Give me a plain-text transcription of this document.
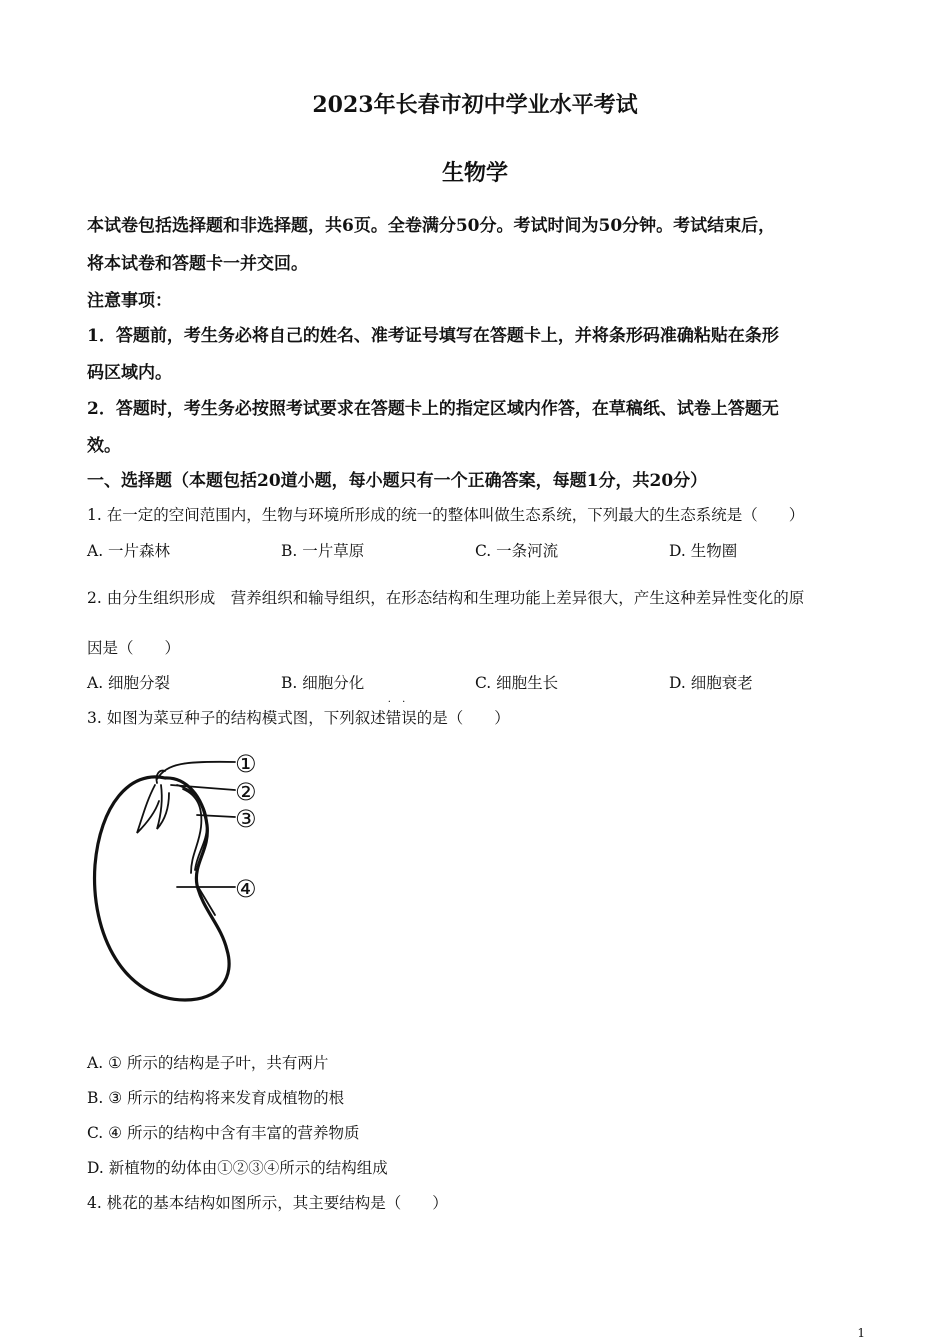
2023年长春市初中学业水平考试
生物学
本试卷包括选择题和非选择题，共6页。全卷满分50分。考试时间为50分钟。考试结束后，
将本试卷和答题卡一并交回。
注意事项：
1．答题前，考生务必将自己的姓名、准考证号填写在答题卡上，并将条形码准确粘贴在条形
码区域内。
2．答题时，考生务必按照考试要求在答题卡上的指定区域内作答，在草稿纸、试卷上答题无
效。
一、选择题（本题包括20道小题，每小题只有一个正确答案，每题1分，共20分）
1. 在一定的空间范围内，生物与环境所形成的统一的整体叫做生态系统，下列最大的生态系统是（　　）
A. 一片森林	B. 一片草原	C. 一条河流	D. 生物圈
2. 由分生组织形成　营养组织和输导组织，在形态结构和生理功能上差异很大，产生这种差异性变化的原
因是（　　）
A. 细胞分裂	B. 细胞分化	C. 细胞生长	D. 细胞衰老
3. 如图为菜豆种子的结构模式图，下列叙述· · 错误的是（　　）
①
②
③
④
A. ① 所示的结构是子叶，共有两片
B. ③ 所示的结构将来发育成植物的根
C. ④ 所示的结构中含有丰富的营养物质
D. 新植物的幼体由①②③④所示的结构组成
4. 桃花的基本结构如图所示，其主要结构是（　　）
1
